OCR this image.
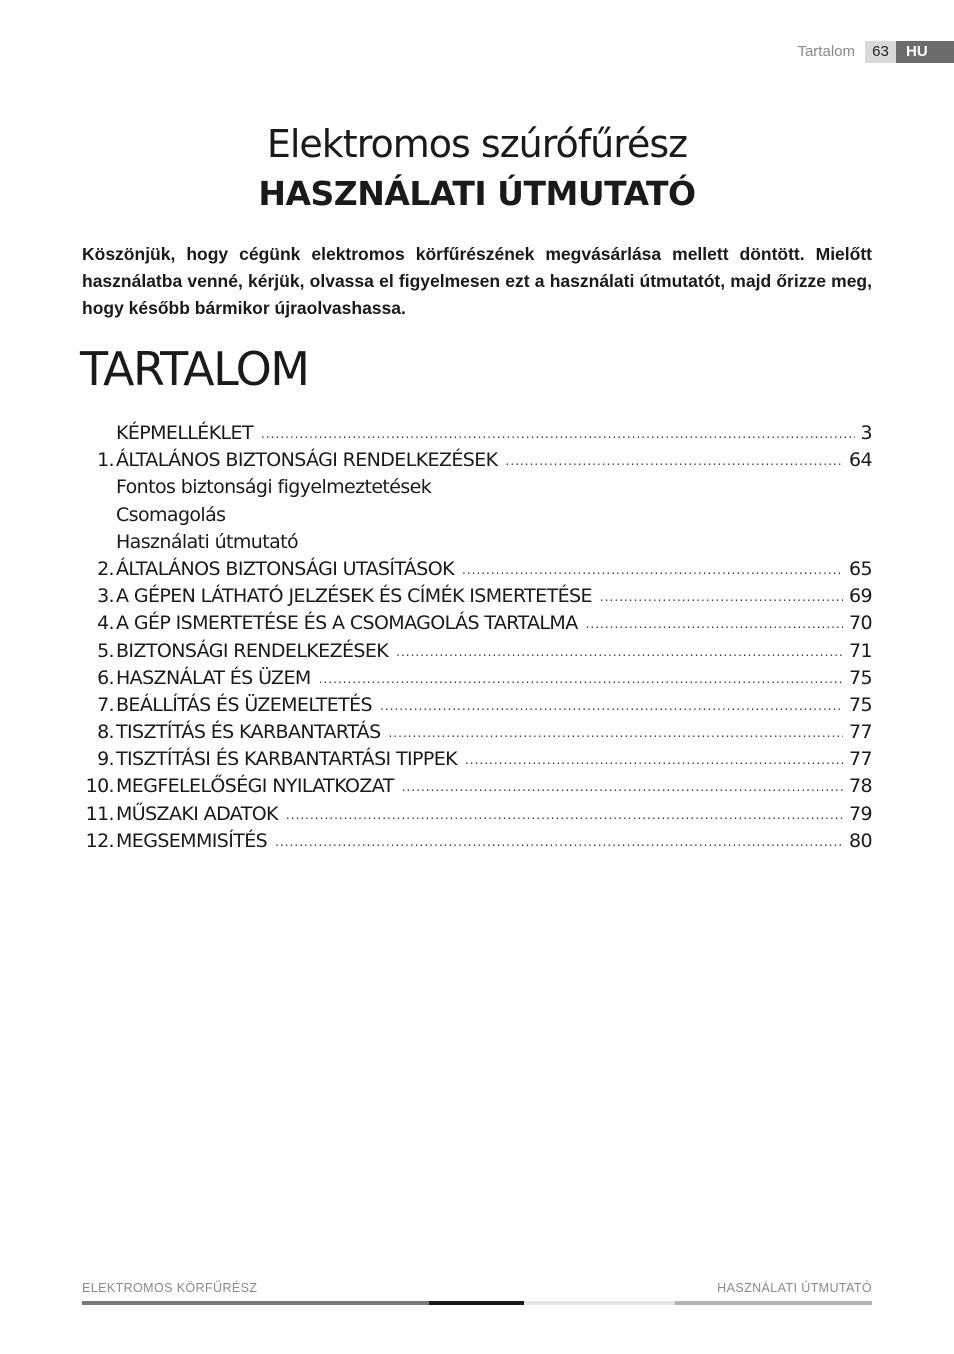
Tartalom	63	HU
Elektromos szúrófűrész
HASZNÁLATI ÚTMUTATÓ

Köszönjük, hogy cégünk elektromos körfűrészének megvásárlása mellett döntött. Mielőtt használatba venné, kérjük, olvassa el figyelmesen ezt a használati útmutatót, majd őrizze meg, hogy később bármikor újraolvashassa.

TARTALOM
KÉPMELLÉKLET .....	3
1. ÁLTALÁNOS BIZTONSÁGI RENDELKEZÉSEK .....	64
Fontos biztonsági figyelmeztetések
Csomagolás
Használati útmutató
2. ÁLTALÁNOS BIZTONSÁGI UTASÍTÁSOK .....	65
3. A GÉPEN LÁTHATÓ JELZÉSEK ÉS CÍMÉK ISMERTETÉSE .....	69
4. A GÉP ISMERTETÉSE ÉS A CSOMAGOLÁS TARTALMA .....	70
5. BIZTONSÁGI RENDELKEZÉSEK .....	71
6. HASZNÁLAT ÉS ÜZEM .....	75
7. BEÁLLÍTÁS ÉS ÜZEMELTETÉS .....	75
8. TISZTÍTÁS ÉS KARBANTARTÁS .....	77
9. TISZTÍTÁSI ÉS KARBANTARTÁSI TIPPEK .....	77
10. MEGFELELŐSÉGI NYILATKOZAT .....	78
11. MŰSZAKI ADATOK .....	79
12. MEGSEMMISÍTÉS .....	80
ELEKTROMOS KÖRFŰRÉSZ	HASZNÁLATI ÚTMUTATÓ
